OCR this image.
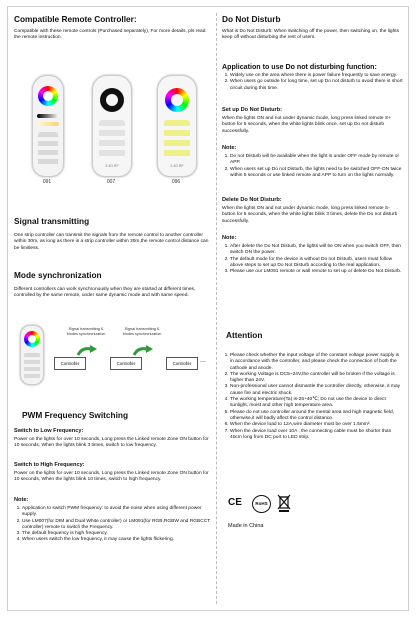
Compatible Remote Controller:

Compatible with these remote controls (Purchased separately), For more details, pls read the remote instruction.

091
2.4G RF
007
2.4G RF
096
Signal transmitting

One strip controller can transmit the signals from the remote control to another controller within 30m, as long as there is a strip controller within 30m,the remote control distance can be limitless.

Mode synchronization

Different controllers can work synchronously when they are started at different times, controlled by the same remote, under same dynamic mode and with same speed.

Signal transmitting & Modes synchronization
Signal transmitting & Modes synchronization
Controller	Controller	Controller	...
PWM Frequency Switching

Switch to Low Frequency:

Power on the lights for over 10 seconds, Long press the Linked remote Zone ON button for 10 seconds, When the lights blink 3 times, switch to low frequency.

Switch to High Frequency:

Power on the lights for over 10 seconds, Long press the Linked remote Zone ON button for 10 seconds, When the lights blink 10 times, switch to high frequency.

Note:

1. Application to switch PWM frequency: to avoid the noise when using different power supply.
2. Use LM007(for DIM and Dual White controller) or LM091(for RGB,RGBW and RGBCCT controller) remote to switch the Frequency.
3. The default frequency is high frequency.
4. When users switch the low frequency, it may cause the lights flickering.
Do Not Disturb

What is Do Not Disturb: When switching off the power, then switching on, the lights keep off without disturbing the rest of users.

Application to use Do not disturbing function:
1. Widely use on the area where there is power failure frequently to save energy.
2. When users go outside for long time, set up Do not disturb to avoid there is short circuit during this time.

Set up Do Not Disturb:

When the lights ON and not under dynamic mode, long press linked remote S+ button for 5 seconds, when the white lights blink once, set up Do not disturb successfully.

Note:

1. Do not Disturb will be available when the light is under OFF mode by remote or APP.
2. When users set up Do not Disturb, the lights need to be switched OFF-ON twice within 5 seconds or use linked remote and APP to turn on the lights normally.

Delete Do Not Disturb:

When the lights ON and not under dynamic mode, long press linked remote S- button for 5 seconds, when the white lights blink 3 times, delete the Do not disturb successfully.

Note:

1. After delete the Do Not Disturb, the lights will be ON when you switch OFF, then switch ON the power.
2. The default mode for the device is without Do not Disturb, users must follow above steps to set up Do Not Disturb according to the real application.
3. Please use our LM091 remote or wall remote to set up or delete Do Not Disturb.
Attention
1. Please check whether the input voltage of the constant voltage power supply is in accordance with the controller, and please check the connection of both the cathode and anode.
2. The working Voltage is DC5~24V,the controller will be broken if the voltage is higher than 24V.
3. Non-professional user cannot dismantle the controller directly, otherwise, it may cause fire and electric shock.
4. The working temperature(Ta) is-25~40℃; Do not use the device to direct sunlight, moist and other high temperature area.
5. Please do not use controller around the mental area and high magnetic field, otherwise,it will badly affect the control distance.
6. When the device load to 12A,wire diameter must be over 1.5mm².
7. When the device load over 10A , the connecting cable must be shorter than 40cm long from DC port to LED strip.
CE	RoHS

Made in China
